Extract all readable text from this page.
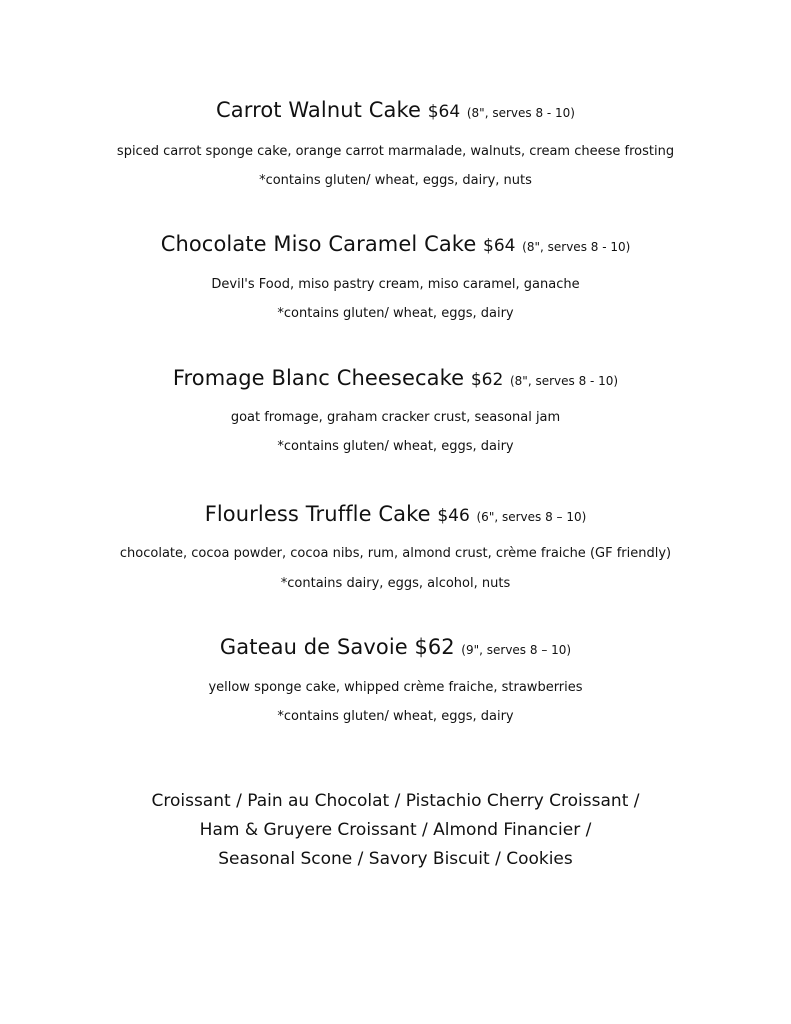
Carrot Walnut Cake $64 (8", serves 8 - 10)
spiced carrot sponge cake, orange carrot marmalade, walnuts, cream cheese frosting
*contains gluten/ wheat, eggs, dairy, nuts
Chocolate Miso Caramel Cake $64 (8", serves 8 - 10)
Devil's Food, miso pastry cream, miso caramel, ganache
*contains gluten/ wheat, eggs, dairy
Fromage Blanc Cheesecake $62 (8", serves 8 - 10)
goat fromage, graham cracker crust, seasonal jam
*contains gluten/ wheat, eggs, dairy
Flourless Truffle Cake $46 (6", serves 8 – 10)
chocolate, cocoa powder, cocoa nibs, rum, almond crust, crème fraiche (GF friendly)
*contains dairy, eggs, alcohol, nuts
Gateau de Savoie $62 (9", serves 8 – 10)
yellow sponge cake, whipped crème fraiche, strawberries
*contains gluten/ wheat, eggs, dairy
Croissant / Pain au Chocolat / Pistachio Cherry Croissant /
Ham & Gruyere Croissant / Almond Financier /
Seasonal Scone / Savory Biscuit / Cookies
